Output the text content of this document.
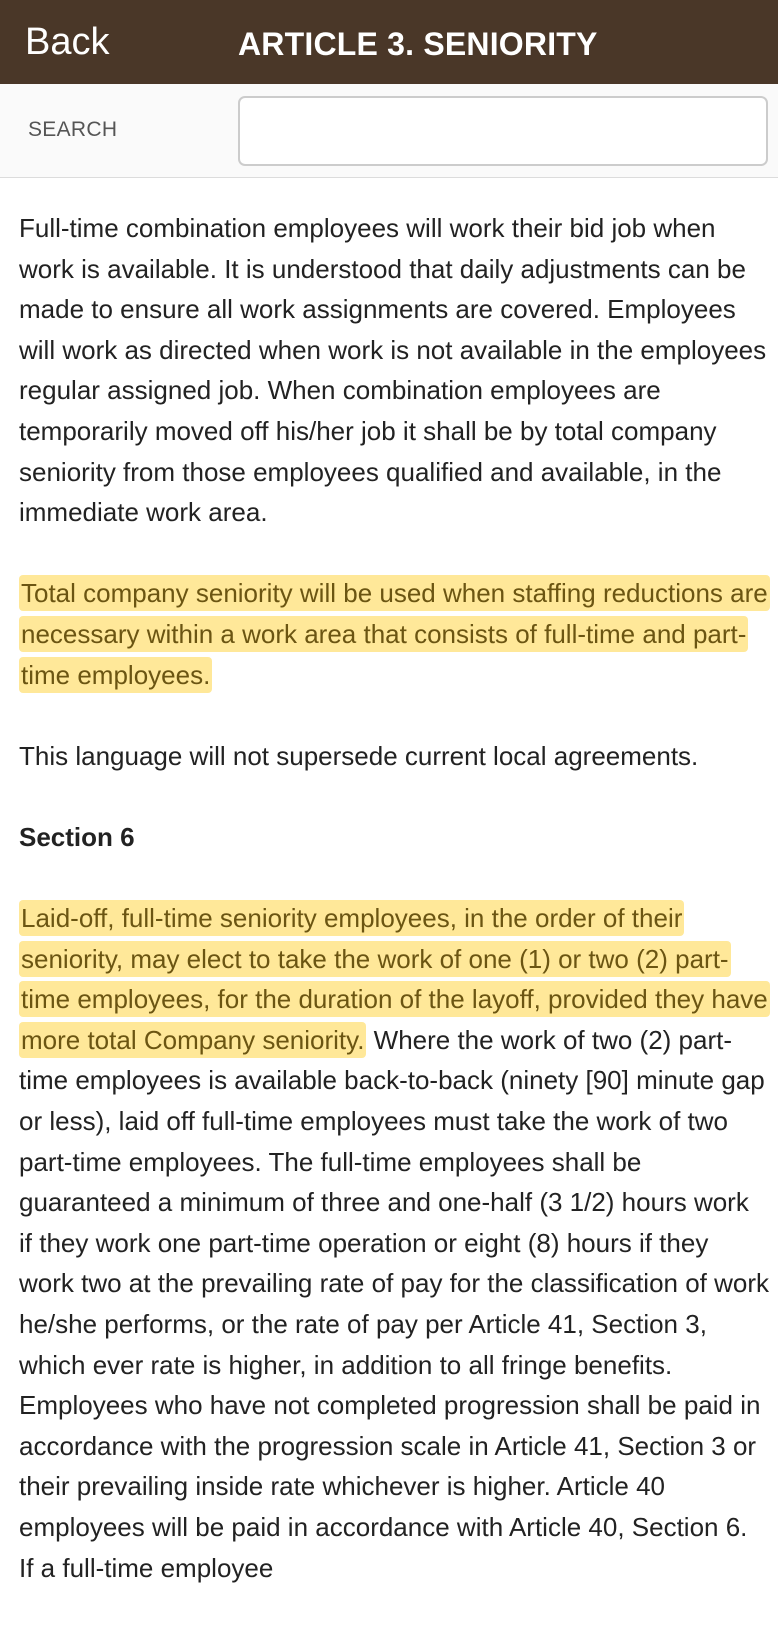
Back	ARTICLE 3. SENIORITY
SEARCH

Full-time combination employees will work their bid job when work is available. It is understood that daily adjustments can be made to ensure all work assignments are covered. Employees will work as directed when work is not available in the employees regular assigned job. When combination employees are temporarily moved off his/her job it shall be by total company seniority from those employees qualified and available, in the immediate work area.

Total company seniority will be used when staffing reductions are necessary within a work area that consists of full-time and part-time employees.

This language will not supersede current local agreements.

Section 6

Laid-off, full-time seniority employees, in the order of their seniority, may elect to take the work of one (1) or two (2) part-time employees, for the duration of the layoff, provided they have more total Company seniority. Where the work of two (2) part-time employees is available back-to-back (ninety [90] minute gap or less), laid off full-time employees must take the work of two part-time employees. The full-time employees shall be guaranteed a minimum of three and one-half (3 1/2) hours work if they work one part-time operation or eight (8) hours if they work two at the prevailing rate of pay for the classification of work he/she performs, or the rate of pay per Article 41, Section 3, which ever rate is higher, in addition to all fringe benefits. Employees who have not completed progression shall be paid in accordance with the progression scale in Article 41, Section 3 or their prevailing inside rate whichever is higher. Article 40 employees will be paid in accordance with Article 40, Section 6. If a full-time employee
